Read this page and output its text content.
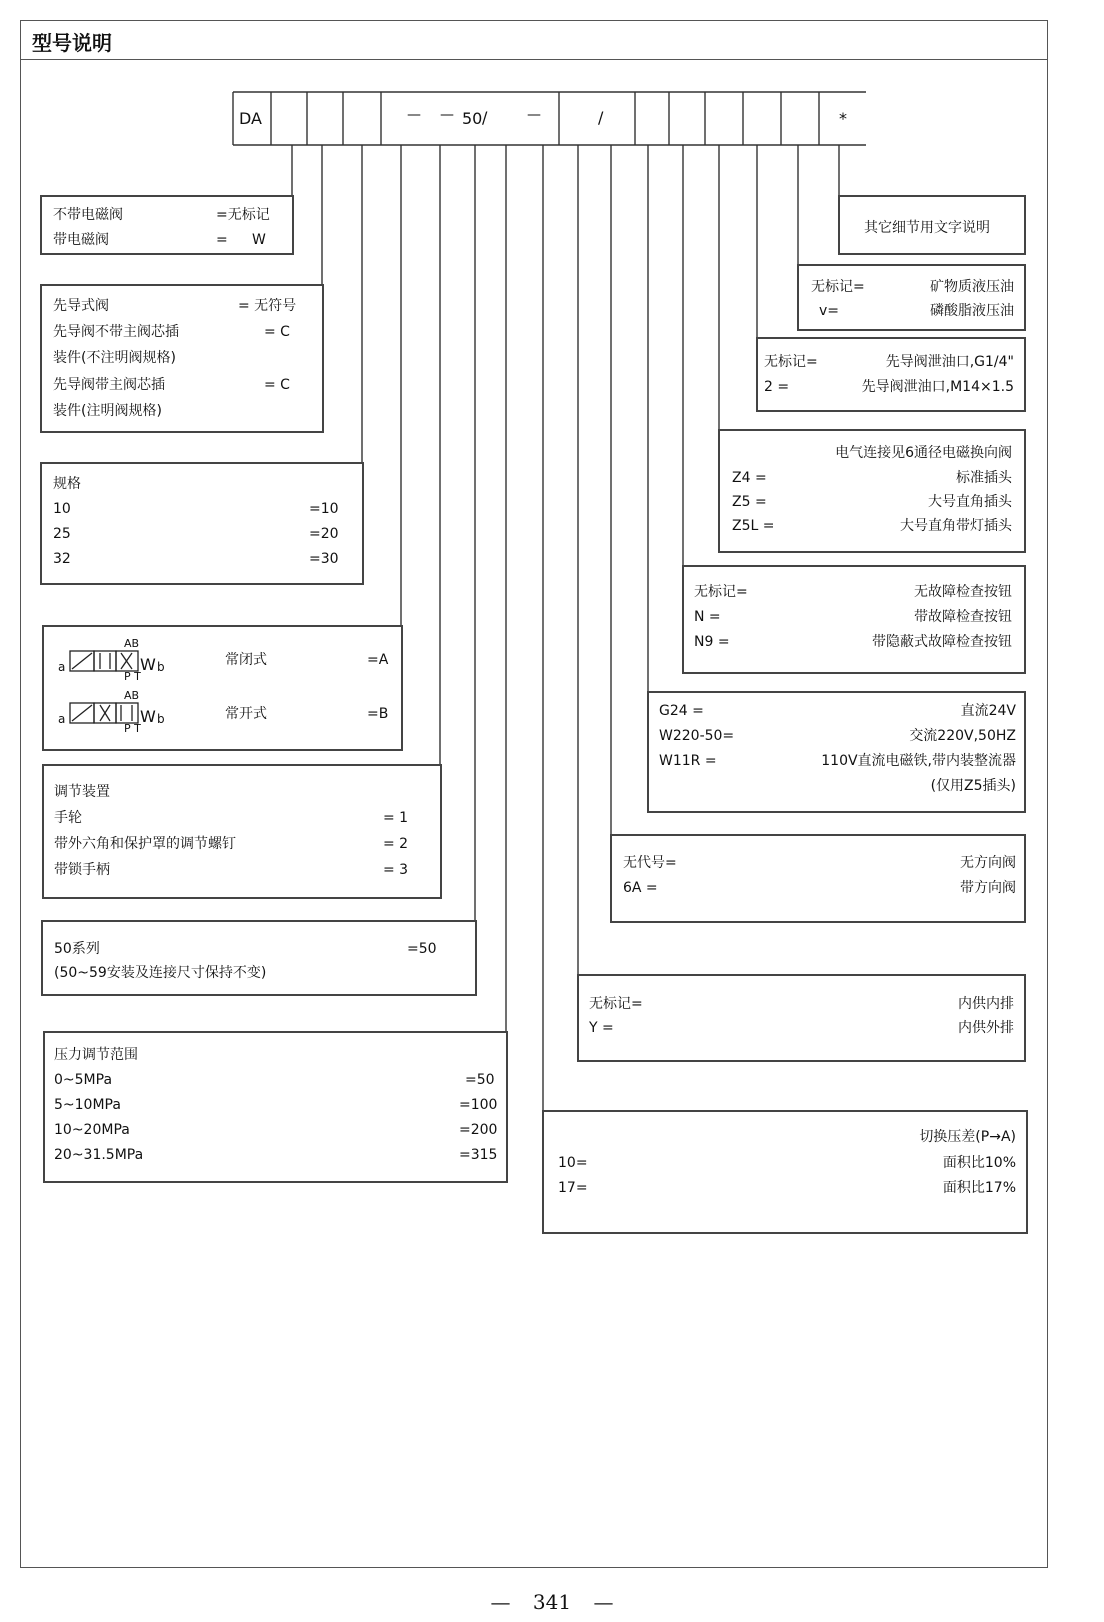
型号说明
DA	— — 50 /	—	/	*
不带电磁阀	=无标记
带电磁阀	= W
先导式阀	= 无符号
先导阀不带主阀芯插	= C
装件(不注明阀规格)
先导阀带主阀芯插	= C
装件(注明阀规格)
规格
10	=10
25	=20
32	=30
AB
P T
a	W b	常闭式	=A
AB
P T
a	W b	常开式	=B
调节装置
手轮	= 1
带外六角和保护罩的调节螺钉	= 2
带锁手柄	= 3
50系列	=50
(50~59安装及连接尺寸保持不变)
压力调节范围
0~5MPa	=50
5~10MPa	=100
10~20MPa	=200
20~31.5MPa	=315
其它细节用文字说明
无标记=	矿物质液压油
v=	磷酸脂液压油
无标记=	先导阀泄油口,G1/4"
2 =	先导阀泄油口,M14×1.5
电气连接见6通径电磁换向阀
Z4 =	标准插头
Z5 =	大号直角插头
Z5L =	大号直角带灯插头
无标记=	无故障检查按钮
N =	带故障检查按钮
N9 =	带隐蔽式故障检查按钮
G24 =	直流24V
W220-50=	交流220V,50HZ
W11R =	110V直流电磁铁,带内装整流器
(仅用Z5插头)
无代号=	无方向阀
6A =	带方向阀
无标记=	内供内排
Y =	内供外排
切换压差(P→A)
10=	面积比10%
17=	面积比17%
— 341 —
